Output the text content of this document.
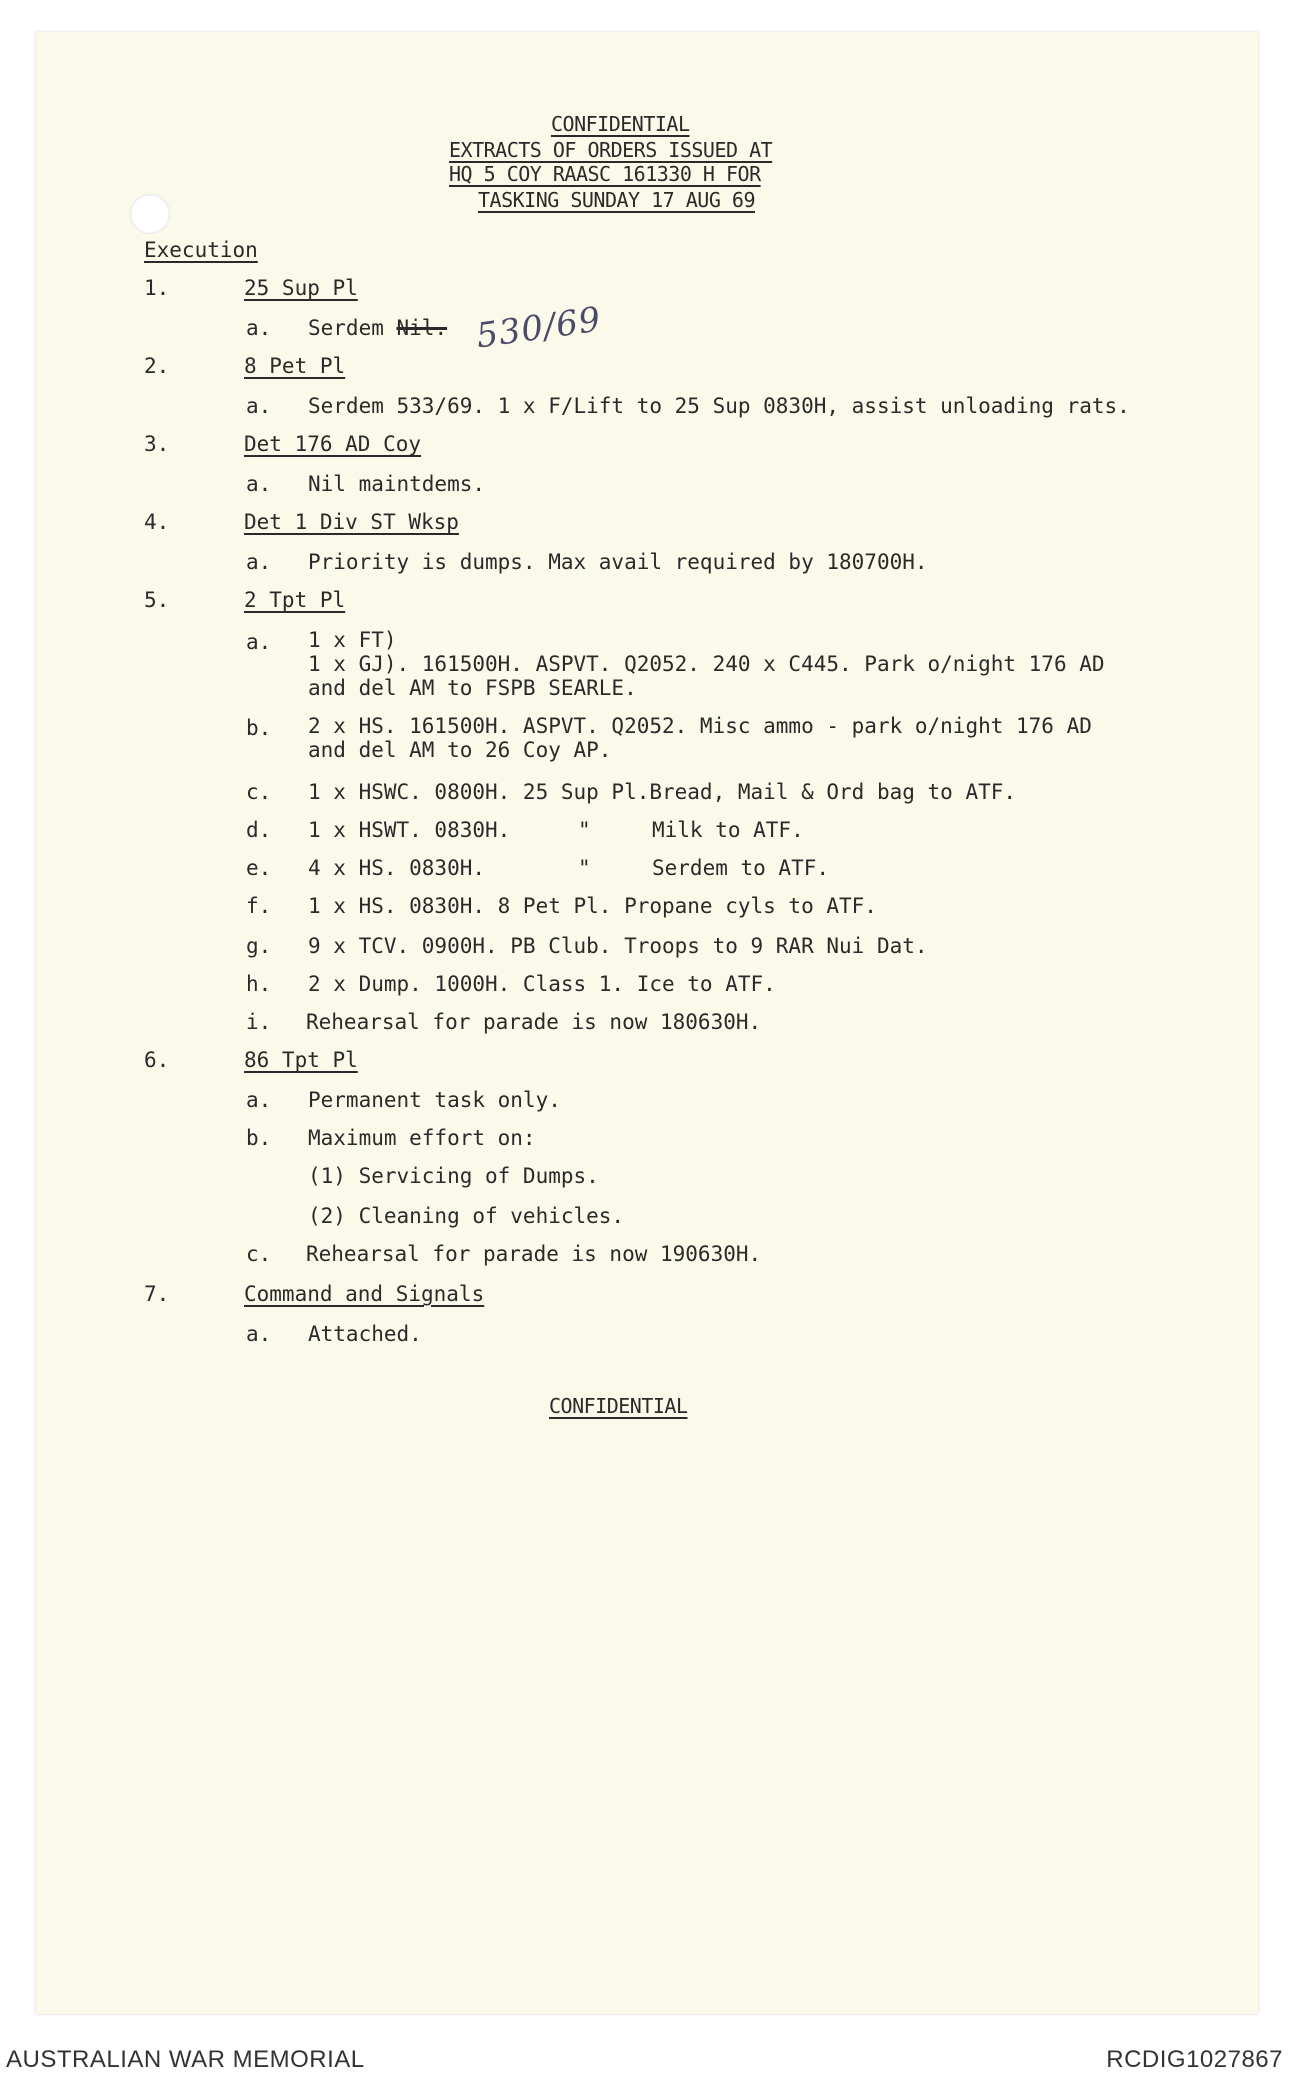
CONFIDENTIAL
EXTRACTS OF ORDERS ISSUED AT
HQ 5 COY RAASC 161330 H FOR
TASKING SUNDAY 17 AUG 69
Execution
1.	25 Sup Pl
a. Serdem Nil. 530/69
2.	8 Pet Pl
a. Serdem 533/69. 1 x F/Lift to 25 Sup 0830H, assist unloading rats.
3.	Det 176 AD Coy
a. Nil maintdems.
4.	Det 1 Div ST Wksp
a. Priority is dumps. Max avail required by 180700H.
5.	2 Tpt Pl
a. 1 x FT)
1 x GJ). 161500H. ASPVT. Q2052. 240 x C445. Park o/night 176 AD
and del AM to FSPB SEARLE.
b. 2 x HS. 161500H. ASPVT. Q2052. Misc ammo - park o/night 176 AD
and del AM to 26 Coy AP.
c. 1 x HSWC. 0800H. 25 Sup Pl.Bread, Mail & Ord bag to ATF.
d. 1 x HSWT. 0830H.	"	Milk to ATF.
e. 4 x HS. 0830H.	"	Serdem to ATF.
f. 1 x HS. 0830H. 8 Pet Pl. Propane cyls to ATF.
g. 9 x TCV. 0900H. PB Club. Troops to 9 RAR Nui Dat.
h. 2 x Dump. 1000H. Class 1. Ice to ATF.
i. Rehearsal for parade is now 180630H.
6.	86 Tpt Pl
a. Permanent task only.
b. Maximum effort on:
(1) Servicing of Dumps.
(2) Cleaning of vehicles.
c. Rehearsal for parade is now 190630H.
7.	Command and Signals
a. Attached.
CONFIDENTIAL
AUSTRALIAN WAR MEMORIAL	RCDIG1027867
